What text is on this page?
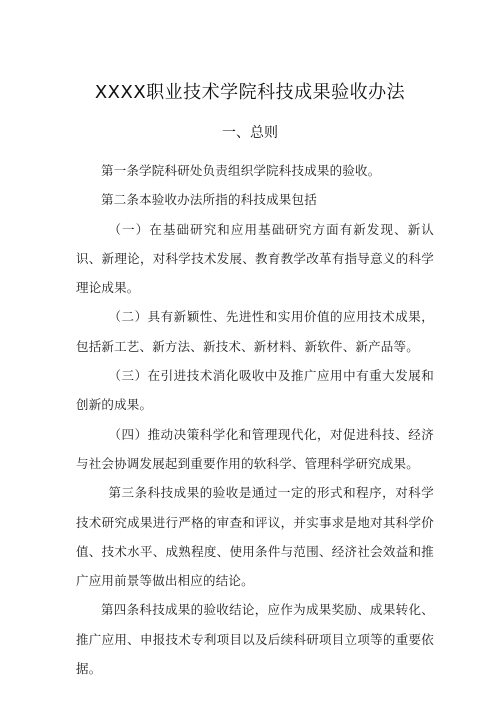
XXXX职业技术学院科技成果验收办法
一、总则

第一条学院科研处负责组织学院科技成果的验收。

第二条本验收办法所指的科技成果包括

（一）在基础研究和应用基础研究方面有新发现、新认识、新理论，对科学技术发展、教育教学改革有指导意义的科学理论成果。

（二）具有新颖性、先进性和实用价值的应用技术成果，包括新工艺、新方法、新技术、新材料、新软件、新产品等。

（三）在引进技术消化吸收中及推广应用中有重大发展和创新的成果。

（四）推动决策科学化和管理现代化，对促进科技、经济与社会协调发展起到重要作用的软科学、管理科学研究成果。

第三条科技成果的验收是通过一定的形式和程序，对科学技术研究成果进行严格的审查和评议，并实事求是地对其科学价值、技术水平、成熟程度、使用条件与范围、经济社会效益和推广应用前景等做出相应的结论。

第四条科技成果的验收结论，应作为成果奖励、成果转化、推广应用、申报技术专利项目以及后续科研项目立项等的重要依据。
